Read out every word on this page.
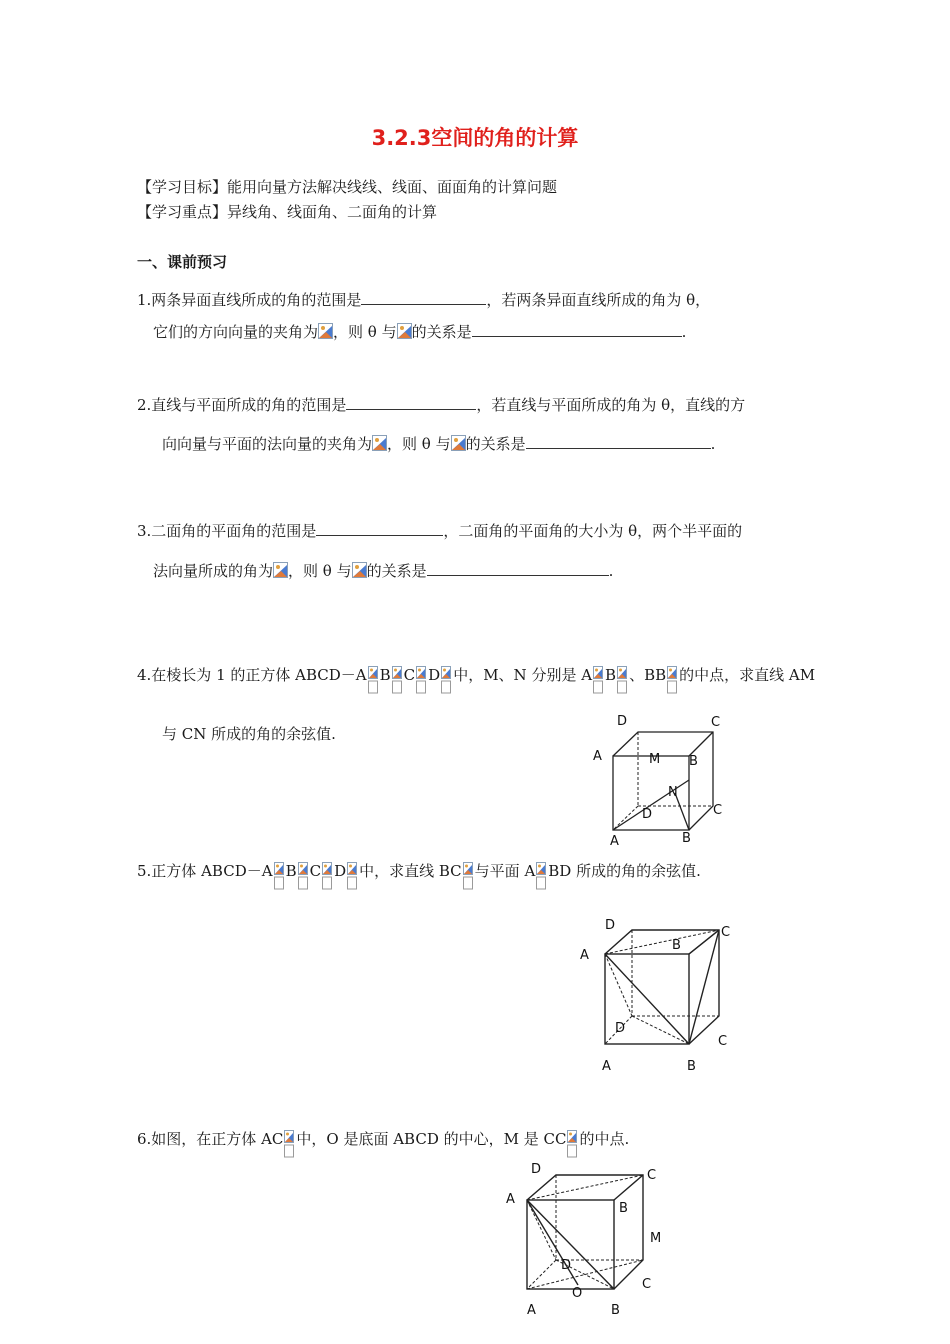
3.2.3空间的角的计算
【学习目标】能用向量方法解决线线、线面、面面角的计算问题
【学习重点】异线角、线面角、二面角的计算
一、课前预习
1.两条异面直线所成的角的范围是	，若两条异面直线所成的角为 θ，
它们的方向向量的夹角为 ，则 θ 与 的关系是	.
2.直线与平面所成的角的范围是	，若直线与平面所成的角为 θ，直线的方
向向量与平面的法向量的夹角为 ，则 θ 与 的关系是	.
3.二面角的平面角的范围是	，二面角的平面角的大小为 θ，两个半平面的
法向量所成的角为 ，则 θ 与 的关系是	.
4.在棱长为 1 的正方体 ABCD－A B C D 中，M、N 分别是 A B 、BB 的中点，求直线 AM
与 CN 所成的角的余弦值.
D	C
A	M B
N
D	C
A	B
5.正方体 ABCD－A B C D 中，求直线 BC 与平面 A BD 所成的角的余弦值.
D	C
A
B
D
C
A	B
6.如图，在正方体 AC 中，O 是底面 ABCD 的中心，M 是 CC 的中点.
D	C
A
B
M
D
C
O
A	B
